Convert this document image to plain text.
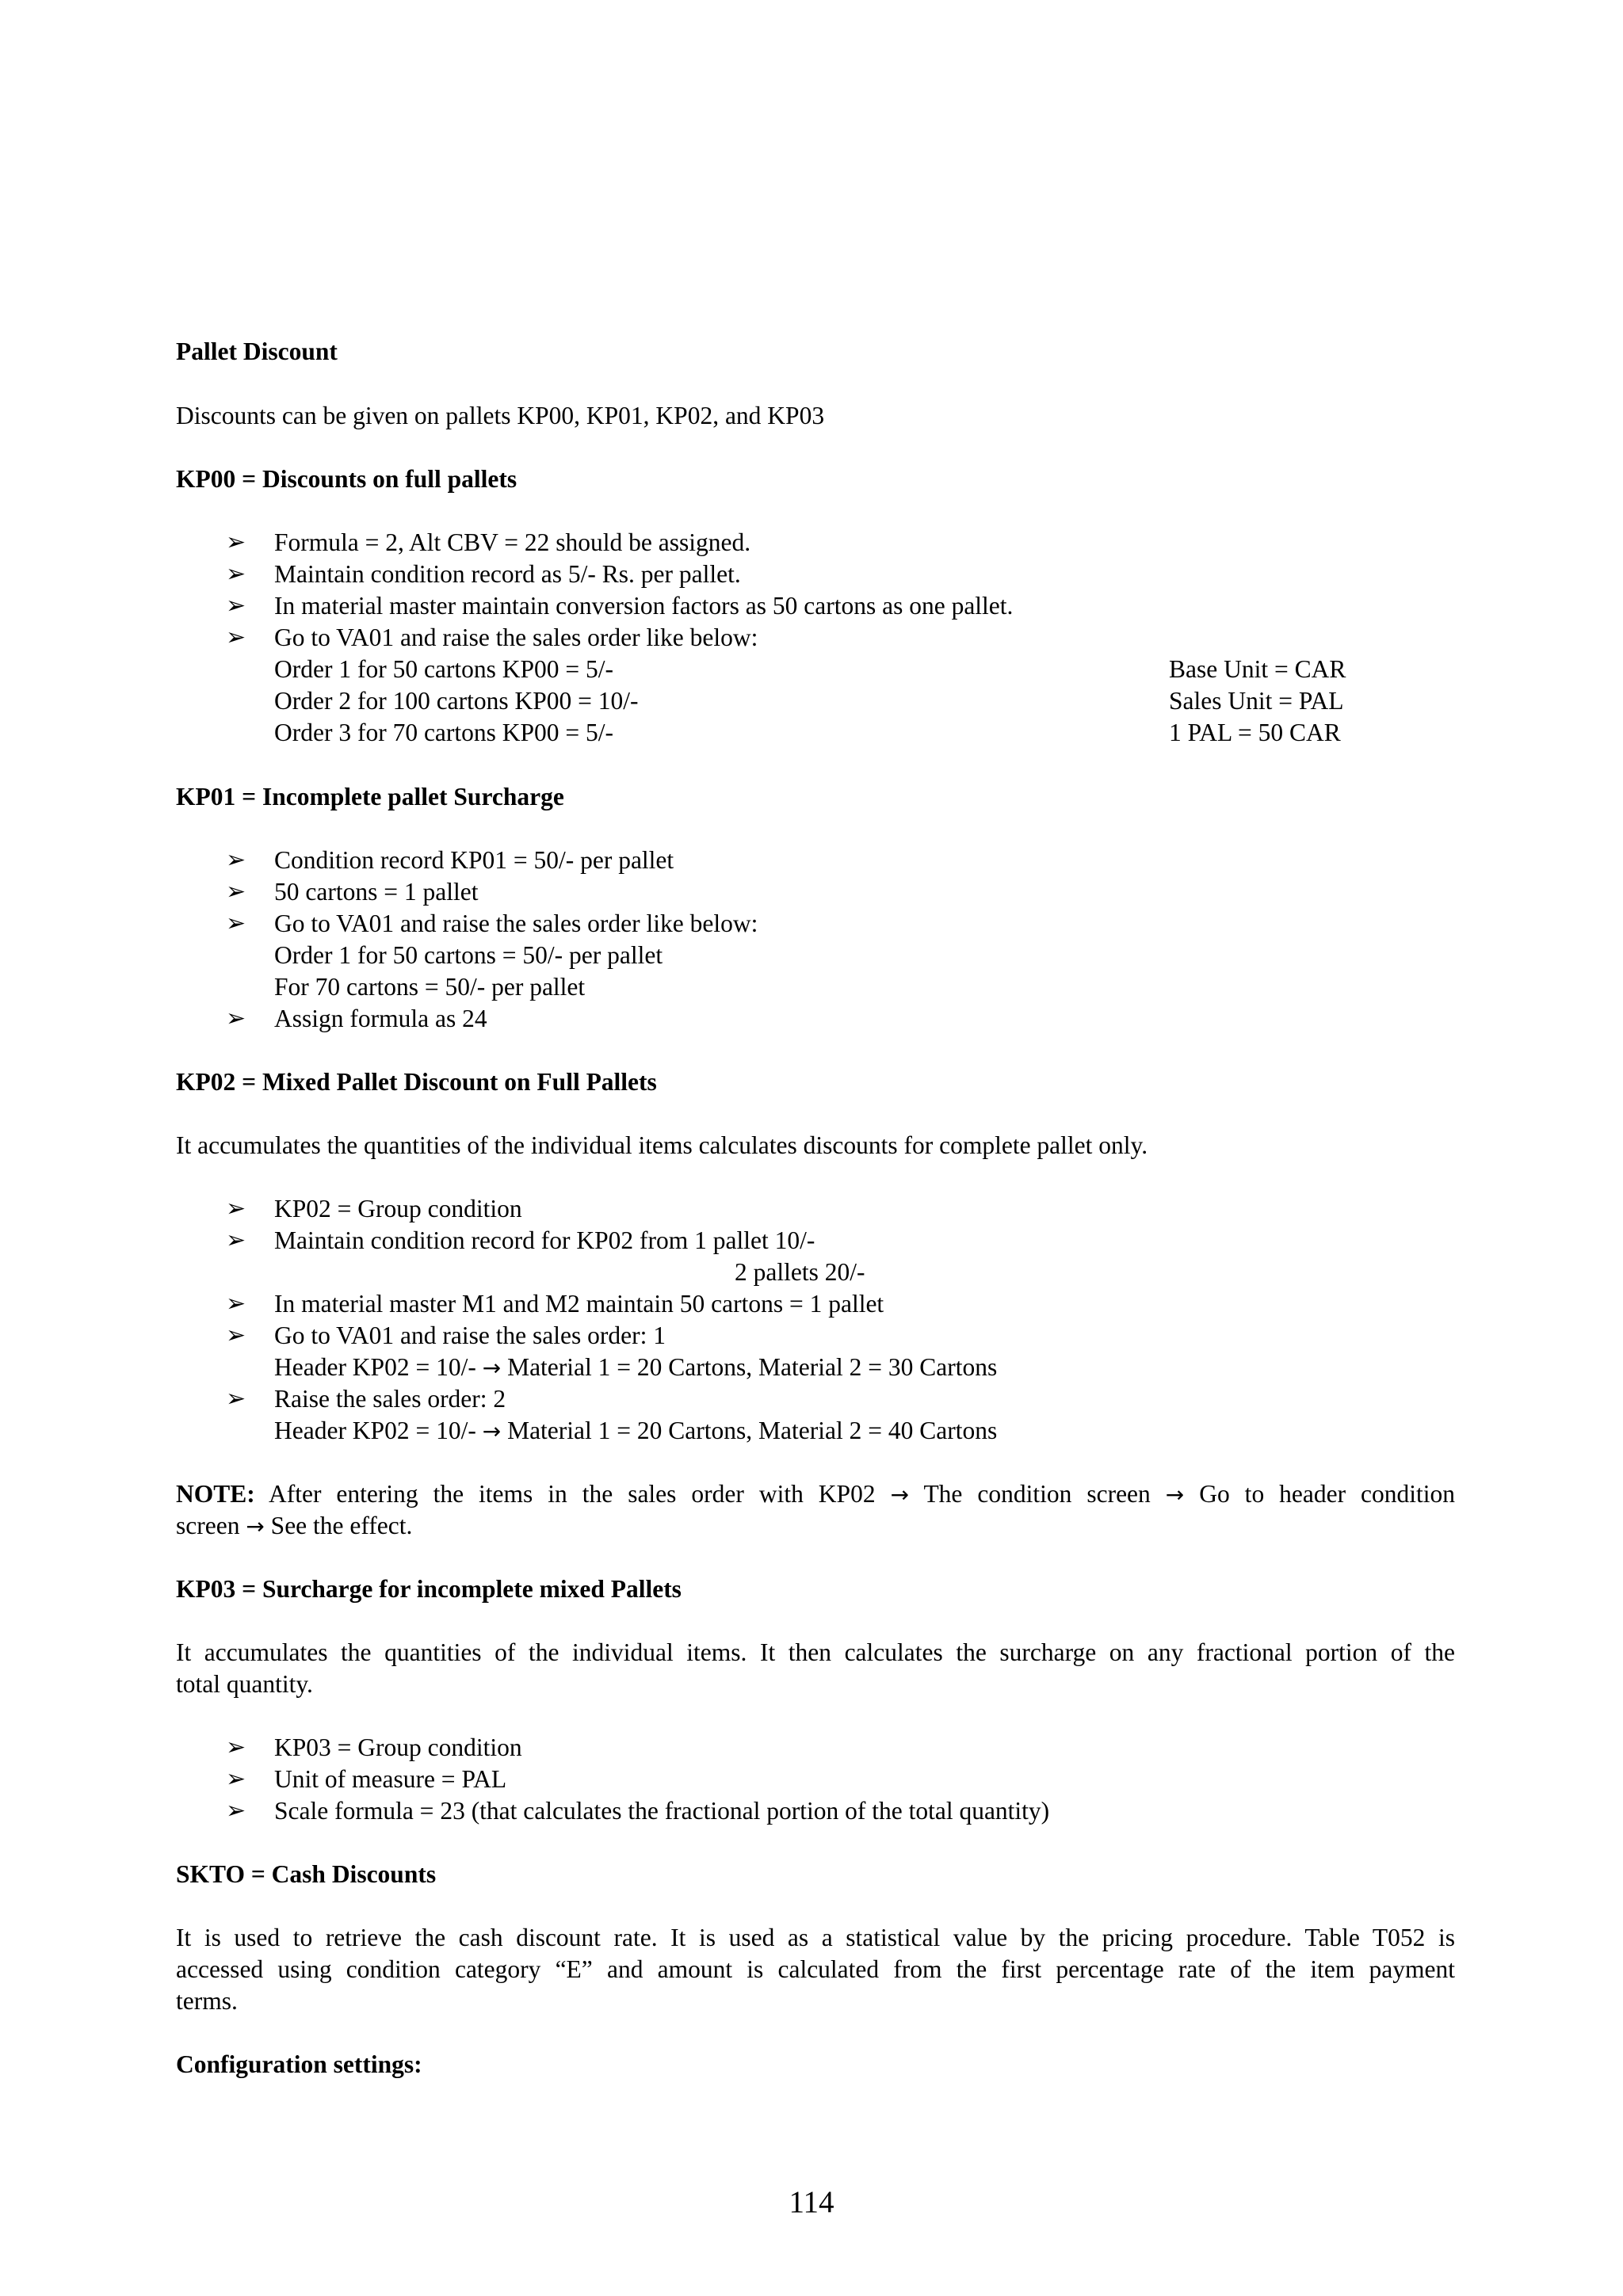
Pallet Discount
Discounts can be given on pallets KP00, KP01, KP02, and KP03
KP00 = Discounts on full pallets
➢ Formula = 2, Alt CBV = 22 should be assigned.
➢ Maintain condition record as 5/- Rs. per pallet.
➢ In material master maintain conversion factors as 50 cartons as one pallet.
➢ Go to VA01 and raise the sales order like below:
Order 1 for 50 cartons KP00 = 5/-
Order 2 for 100 cartons KP00 = 10/-
Order 3 for 70 cartons KP00 = 5/-
Base Unit = CAR
Sales Unit = PAL
1 PAL = 50 CAR
KP01 = Incomplete pallet Surcharge
➢ Condition record KP01 = 50/- per pallet
➢ 50 cartons = 1 pallet
➢ Go to VA01 and raise the sales order like below:
Order 1 for 50 cartons = 50/- per pallet
For 70 cartons = 50/- per pallet
➢ Assign formula as 24
KP02 = Mixed Pallet Discount on Full Pallets
It accumulates the quantities of the individual items calculates discounts for complete pallet only.
➢ KP02 = Group condition
➢ Maintain condition record for KP02 from 1 pallet 10/-
2 pallets 20/-
➢ In material master M1 and M2 maintain 50 cartons = 1 pallet
➢ Go to VA01 and raise the sales order: 1
Header KP02 = 10/- → Material 1 = 20 Cartons, Material 2 = 30 Cartons
➢ Raise the sales order: 2
Header KP02 = 10/- → Material 1 = 20 Cartons, Material 2 = 40 Cartons
NOTE: After entering the items in the sales order with KP02 → The condition screen → Go to header condition
screen → See the effect.
KP03 = Surcharge for incomplete mixed Pallets
It accumulates the quantities of the individual items. It then calculates the surcharge on any fractional portion of the
total quantity.
➢ KP03 = Group condition
➢ Unit of measure = PAL
➢ Scale formula = 23 (that calculates the fractional portion of the total quantity)
SKTO = Cash Discounts
It is used to retrieve the cash discount rate. It is used as a statistical value by the pricing procedure. Table T052 is
accessed using condition category “E” and amount is calculated from the first percentage rate of the item payment
terms.
Configuration settings:
114
